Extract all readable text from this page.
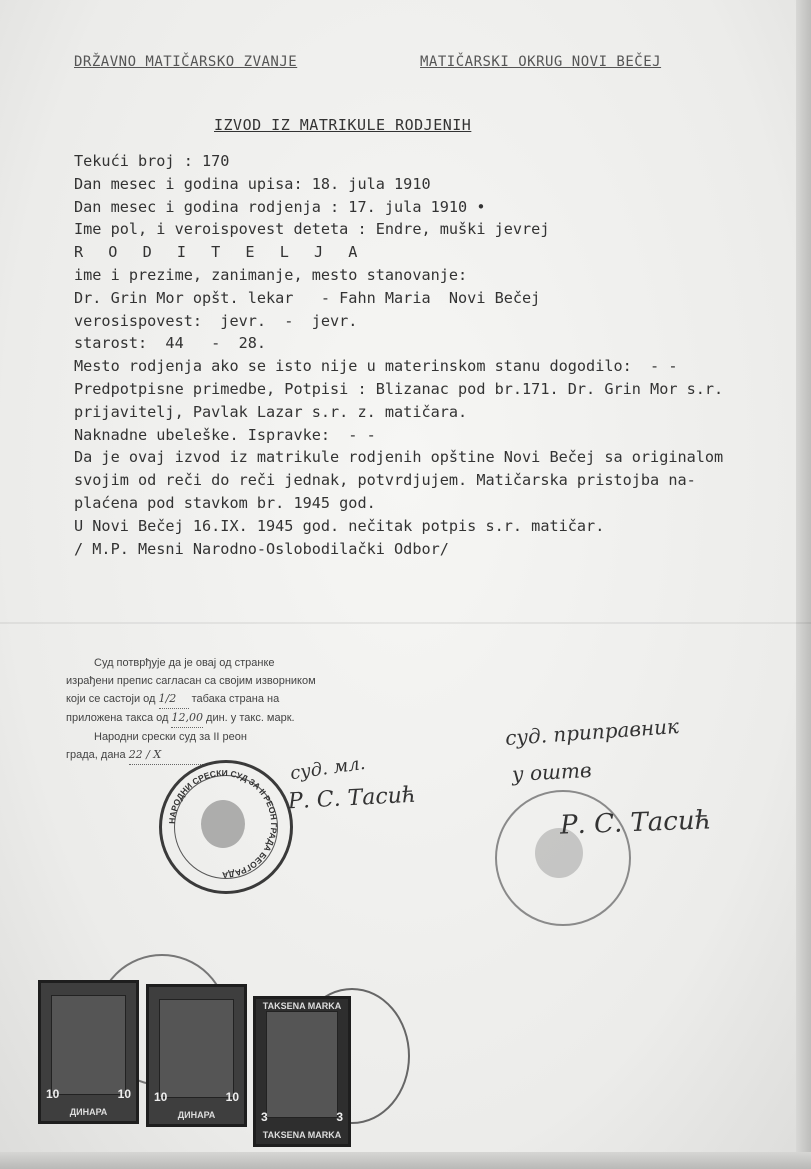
DRŽAVNO MATIČARSKO ZVANJE	MATIČARSKI OKRUG NOVI BEČEJ
IZVOD IZ MATRIKULE RODJENIH
Tekući broj : 170
Dan mesec i godina upisa: 18. jula 1910
Dan mesec i godina rodjenja : 17. jula 1910 •
Ime pol, i veroispovest deteta : Endre, muški jevrej
R O D I T E L J A
ime i prezime, zanimanje, mesto stanovanje:
Dr. Grin Mor opšt. lekar   - Fahn Maria  Novi Bečej
verosispovest:  jevr.  -  jevr.
starost:  44   -  28.
Mesto rodjenja ako se isto nije u materinskom stanu dogodilo:  - -
Predpotpisne primedbe, Potpisi : Blizanac pod br.171. Dr. Grin Mor s.r.
prijavitelj, Pavlak Lazar s.r. z. matičara.
Naknadne ubeleške. Ispravke:  - -
Da je ovaj izvod iz matrikule rodjenih opštine Novi Bečej sa originalom
svojim od reči do reči jednak, potvrdjujem. Matičarska pristojba na-
plaćena pod stavkom br. 1945 god.
U Novi Bečej 16.IX. 1945 god. nečitak potpis s.r. matičar.
/ M.P. Mesni Narodno-Oslobodilački Odbor/
Суд потврђује да је овај од странке
израђени препис сагласан са својим изворником
који се састоји од 1/2 табака страна на
приложена такса од 12,00 дин. у такс. марк.
Народни срески суд за II реон
града, дана 22 / X
НАРОДНИ СРЕСКИ СУД ЗА II РЕОН ГРАДА БЕОГРАДА
суд. мл.
Р. С. Тасић
суд. приправник
у оштв
Р. С. Тасић
10	10
ДИНАРА
10	10
ДИНАРА
TAKSENA MARKA
3	3
TAKSENA MARKA
